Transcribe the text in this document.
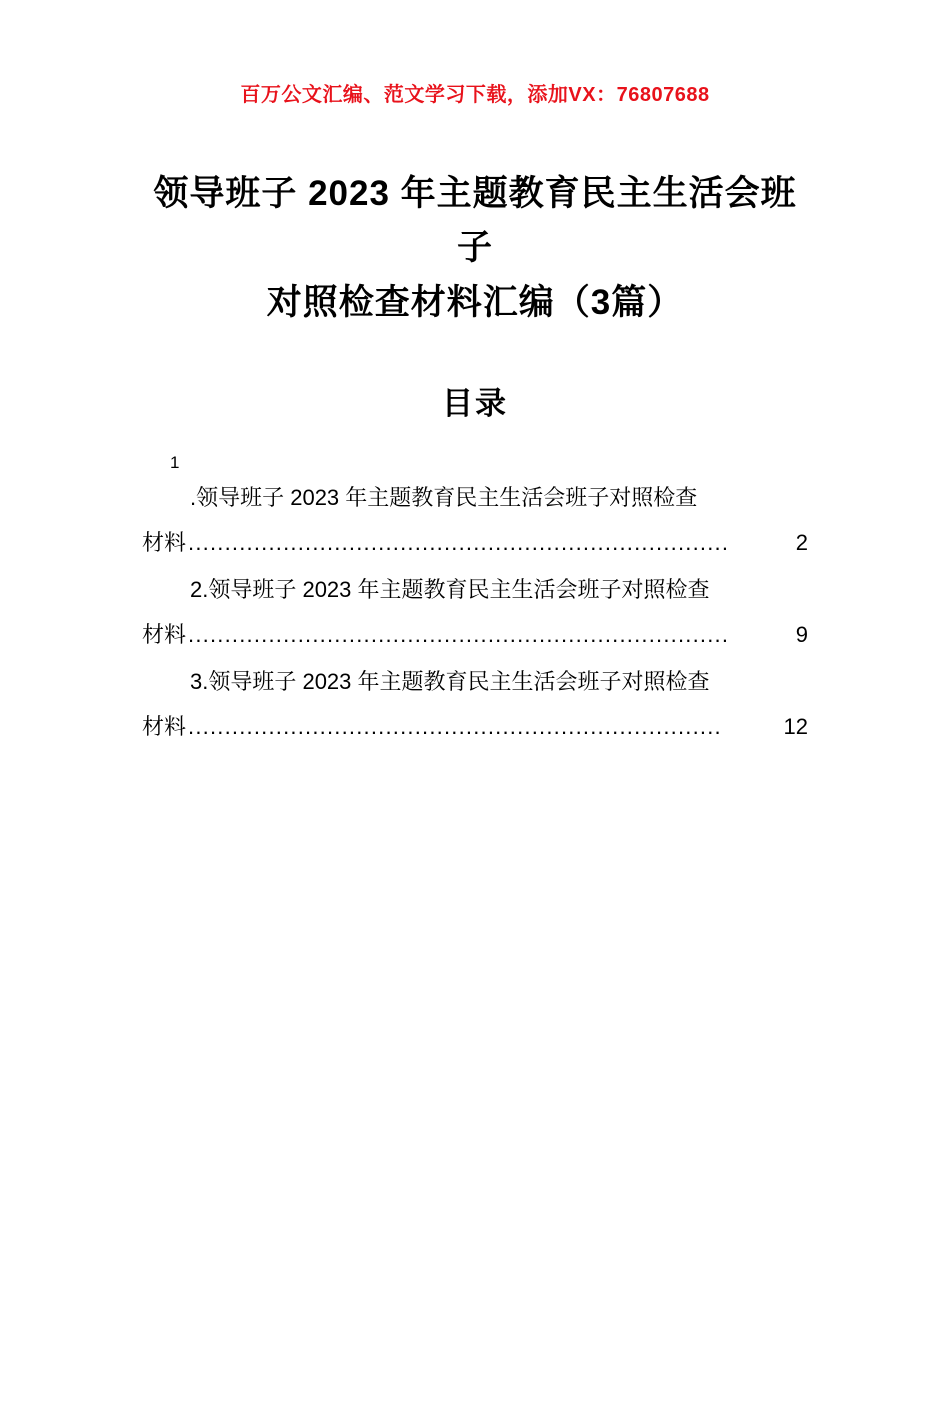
百万公文汇编、范文学习下载，添加VX：76807688
领导班子 2023 年主题教育民主生活会班子
对照检查材料汇编（3篇）
目录
1
.领导班子 2023 年主题教育民主生活会班子对照检查
材料 ..........................................................................	2
2.领导班子 2023 年主题教育民主生活会班子对照检查
材料 ..........................................................................	9
3.领导班子 2023 年主题教育民主生活会班子对照检查
材料 .........................................................................	12
